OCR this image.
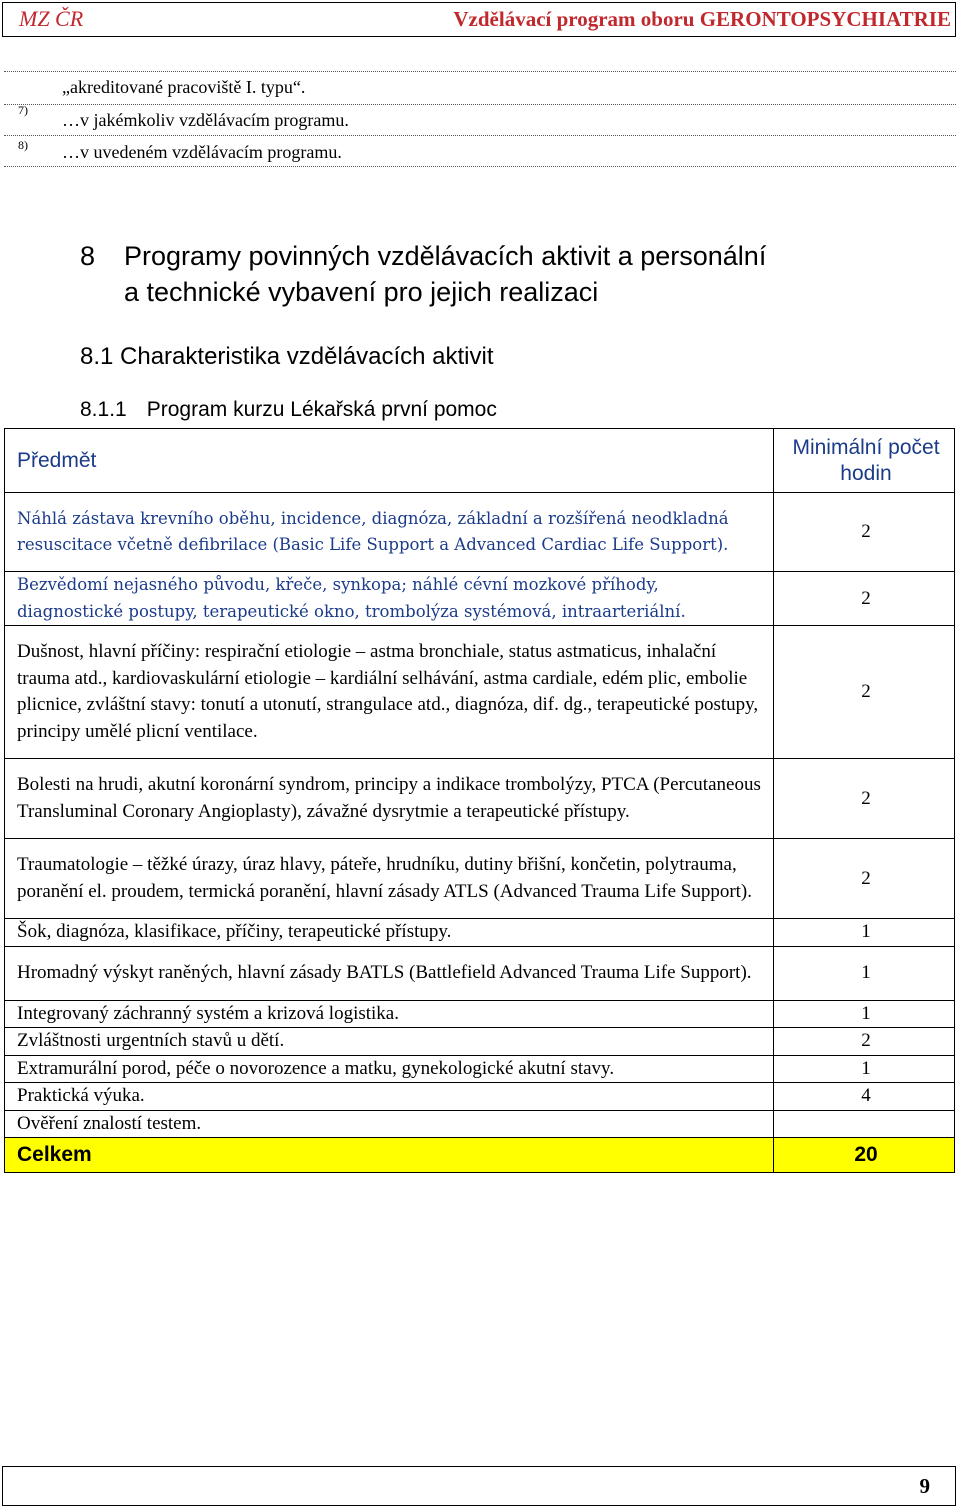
MZ ČR	Vzdělávací program oboru GERONTOPSYCHIATRIE
„akreditované pracoviště I. typu“.
7) …v jakémkoliv vzdělávacím programu.
8) …v uvedeném vzdělávacím programu.
8 Programy povinných vzdělávacích aktivit a personální
a technické vybavení pro jejich realizaci
8.1 Charakteristika vzdělávacích aktivit
8.1.1 Program kurzu Lékařská první pomoc
Předmět	Minimální počet hodin
Náhlá zástava krevního oběhu, incidence, diagnóza, základní a rozšířená neodkladná resuscitace včetně defibrilace (Basic Life Support a Advanced Cardiac Life Support).	2
Bezvědomí nejasného původu, křeče, synkopa; náhlé cévní mozkové příhody, diagnostické postupy, terapeutické okno, trombolýza systémová, intraarteriální.	2
Dušnost, hlavní příčiny: respirační etiologie – astma bronchiale, status astmaticus, inhalační trauma atd., kardiovaskulární etiologie – kardiální selhávání, astma cardiale, edém plic, embolie plicnice, zvláštní stavy: tonutí a utonutí, strangulace atd., diagnóza, dif. dg., terapeutické postupy, principy umělé plicní ventilace.	2
Bolesti na hrudi, akutní koronární syndrom, principy a indikace trombolýzy, PTCA (Percutaneous Transluminal Coronary Angioplasty), závažné dysrytmie a terapeutické přístupy.	2
Traumatologie – těžké úrazy, úraz hlavy, páteře, hrudníku, dutiny břišní, končetin, polytrauma, poranění el. proudem, termická poranění, hlavní zásady ATLS (Advanced Trauma Life Support).	2
Šok, diagnóza, klasifikace, příčiny, terapeutické přístupy.	1
Hromadný výskyt raněných, hlavní zásady BATLS (Battlefield Advanced Trauma Life Support).	1
Integrovaný záchranný systém a krizová logistika.	1
Zvláštnosti urgentních stavů u dětí.	2
Extramurální porod, péče o novorozence a matku, gynekologické akutní stavy.	1
Praktická výuka.	4
Ověření znalostí testem.	
Celkem	20
9
